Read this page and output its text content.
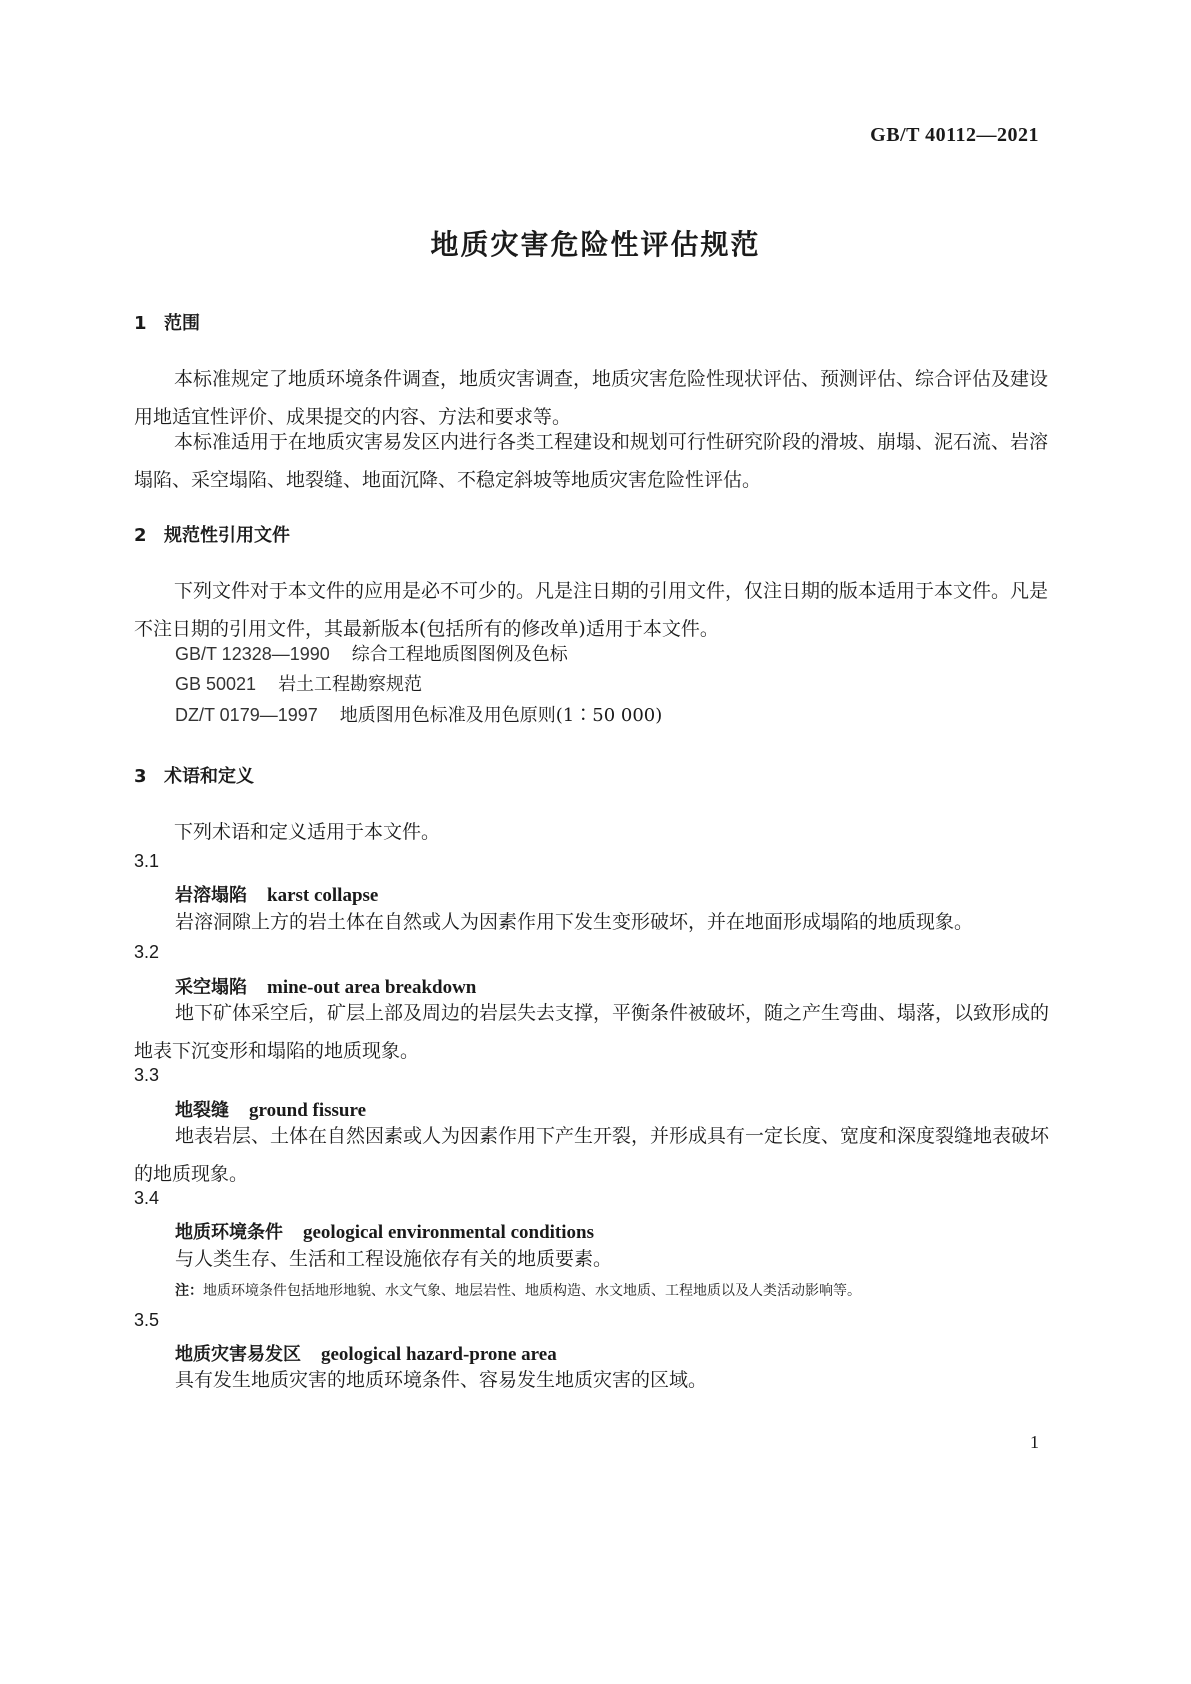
GB/T 40112—2021
地质灾害危险性评估规范
1 范围
本标准规定了地质环境条件调查，地质灾害调查，地质灾害危险性现状评估、预测评估、综合评估及建设用地适宜性评价、成果提交的内容、方法和要求等。
本标准适用于在地质灾害易发区内进行各类工程建设和规划可行性研究阶段的滑坡、崩塌、泥石流、岩溶塌陷、采空塌陷、地裂缝、地面沉降、不稳定斜坡等地质灾害危险性评估。
2 规范性引用文件
下列文件对于本文件的应用是必不可少的。凡是注日期的引用文件，仅注日期的版本适用于本文件。凡是不注日期的引用文件，其最新版本(包括所有的修改单)适用于本文件。
GB/T 12328—1990 综合工程地质图图例及色标
GB 50021 岩土工程勘察规范
DZ/T 0179—1997 地质图用色标准及用色原则(1∶50 000)
3 术语和定义
下列术语和定义适用于本文件。
3.1
岩溶塌陷 karst collapse
岩溶洞隙上方的岩土体在自然或人为因素作用下发生变形破坏，并在地面形成塌陷的地质现象。
3.2
采空塌陷 mine-out area breakdown
地下矿体采空后，矿层上部及周边的岩层失去支撑，平衡条件被破坏，随之产生弯曲、塌落，以致形成的地表下沉变形和塌陷的地质现象。
3.3
地裂缝 ground fissure
地表岩层、土体在自然因素或人为因素作用下产生开裂，并形成具有一定长度、宽度和深度裂缝地表破坏的地质现象。
3.4
地质环境条件 geological environmental conditions
与人类生存、生活和工程设施依存有关的地质要素。
注：地质环境条件包括地形地貌、水文气象、地层岩性、地质构造、水文地质、工程地质以及人类活动影响等。
3.5
地质灾害易发区 geological hazard-prone area
具有发生地质灾害的地质环境条件、容易发生地质灾害的区域。
1
